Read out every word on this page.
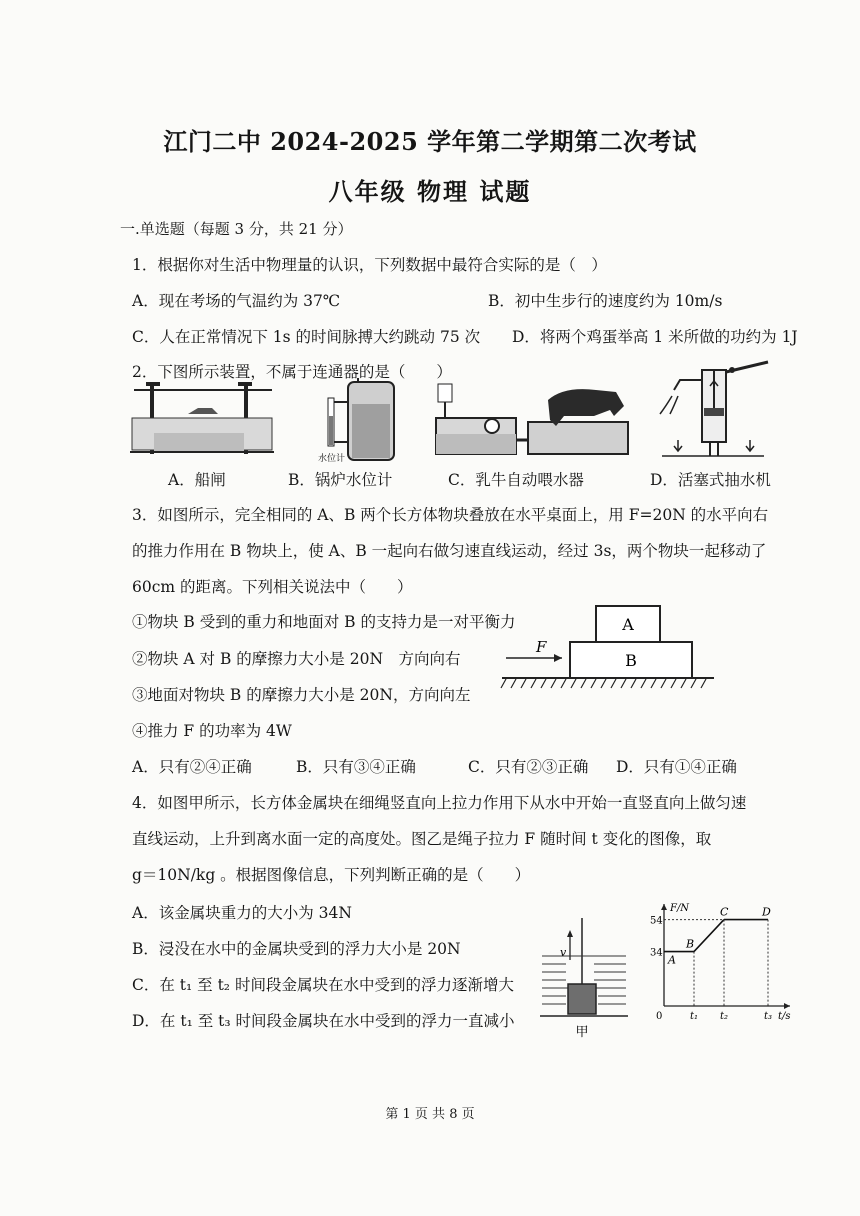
江门二中 2024-2025 学年第二学期第二次考试
八年级 物理 试题
一.单选题（每题 3 分，共 21 分）
1．根据你对生活中物理量的认识，下列数据中最符合实际的是（　）
A．现在考场的气温约为 37℃	B．初中生步行的速度约为 10m/s
C．人在正常情况下 1s 的时间脉搏大约跳动 75 次 D．将两个鸡蛋举高 1 米所做的功约为 1J
2．下图所示装置，不属于连通器的是（　　）
水位计
A．船闸	B．锅炉水位计	C．乳牛自动喂水器	D．活塞式抽水机
3．如图所示，完全相同的 A、B 两个长方体物块叠放在水平桌面上，用 F=20N 的水平向右
的推力作用在 B 物块上，使 A、B 一起向右做匀速直线运动，经过 3s，两个物块一起移动了
60cm 的距离。下列相关说法中（　　）
①物块 B 受到的重力和地面对 B 的支持力是一对平衡力
②物块 A 对 B 的摩擦力大小是 20N　方向向右
③地面对物块 B 的摩擦力大小是 20N，方向向左
④推力 F 的功率为 4W
A
B
F
A．只有②④正确	B．只有③④正确	C．只有②③正确 D．只有①④正确
4．如图甲所示，长方体金属块在细绳竖直向上拉力作用下从水中开始一直竖直向上做匀速
直线运动，上升到离水面一定的高度处。图乙是绳子拉力 F 随时间 t 变化的图像，取
g＝10N/kg 。根据图像信息，下列判断正确的是（　　）
A．该金属块重力的大小为 34N
B．浸没在水中的金属块受到的浮力大小是 20N
C．在 t₁ 至 t₂ 时间段金属块在水中受到的浮力逐渐增大
D．在 t₁ 至 t₃ 时间段金属块在水中受到的浮力一直减小
v
甲
F/N
t/s
0
54
34
t₁ t₂	t₃
A
B
C	D
第 1 页 共 8 页
